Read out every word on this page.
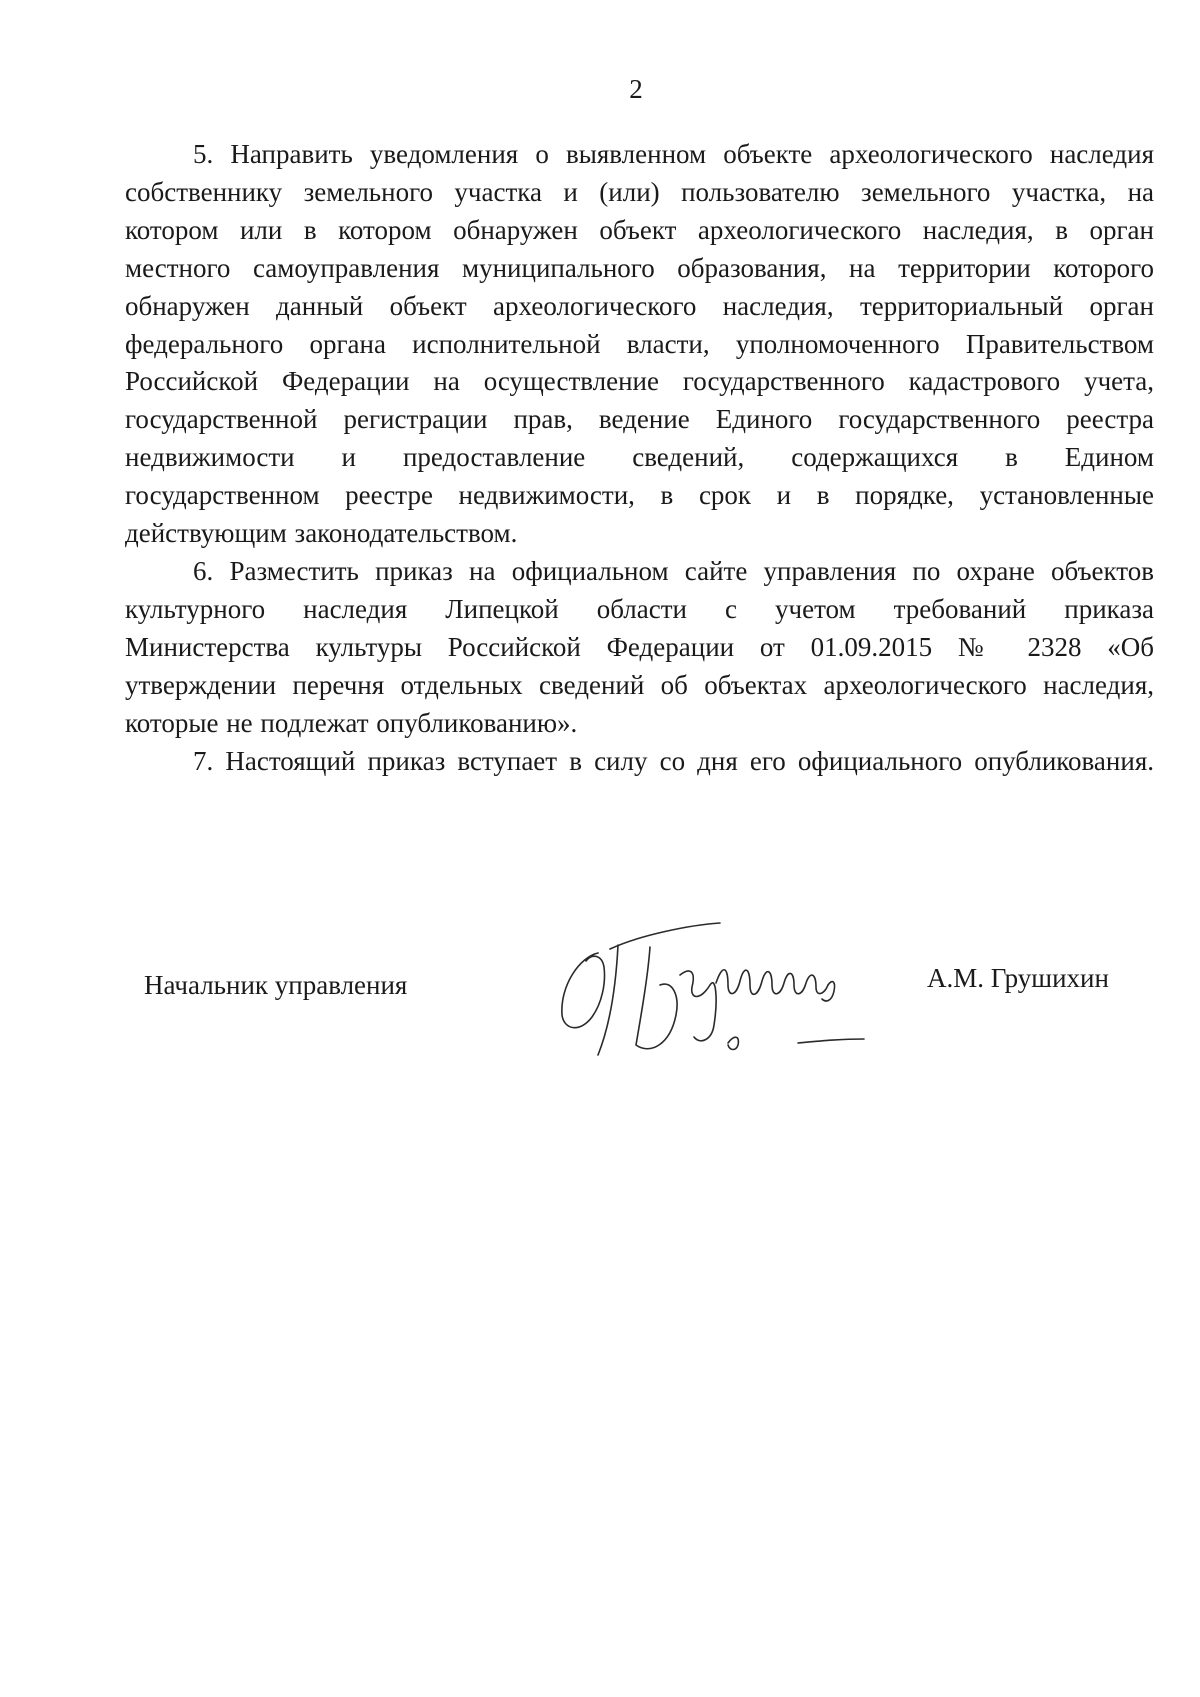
2
5. Направить уведомления о выявленном объекте археологического наследия
собственнику земельного участка и (или) пользователю земельного участка, на
котором или в котором обнаружен объект археологического наследия, в орган
местного самоуправления муниципального образования, на территории которого
обнаружен данный объект археологического наследия, территориальный орган
федерального органа исполнительной власти, уполномоченного Правительством
Российской Федерации на осуществление государственного кадастрового учета,
государственной регистрации прав, ведение Единого государственного реестра
недвижимости и предоставление сведений, содержащихся в Едином
государственном реестре недвижимости, в срок и в порядке, установленные
действующим законодательством.
6. Разместить приказ на официальном сайте управления по охране объектов
культурного наследия Липецкой области с учетом требований приказа
Министерства культуры Российской Федерации от 01.09.2015 № 2328 «Об
утверждении перечня отдельных сведений об объектах археологического наследия,
которые не подлежат опубликованию».
7. Настоящий приказ вступает в силу со дня его официального опубликования.
Начальник управления	А.М. Грушихин
